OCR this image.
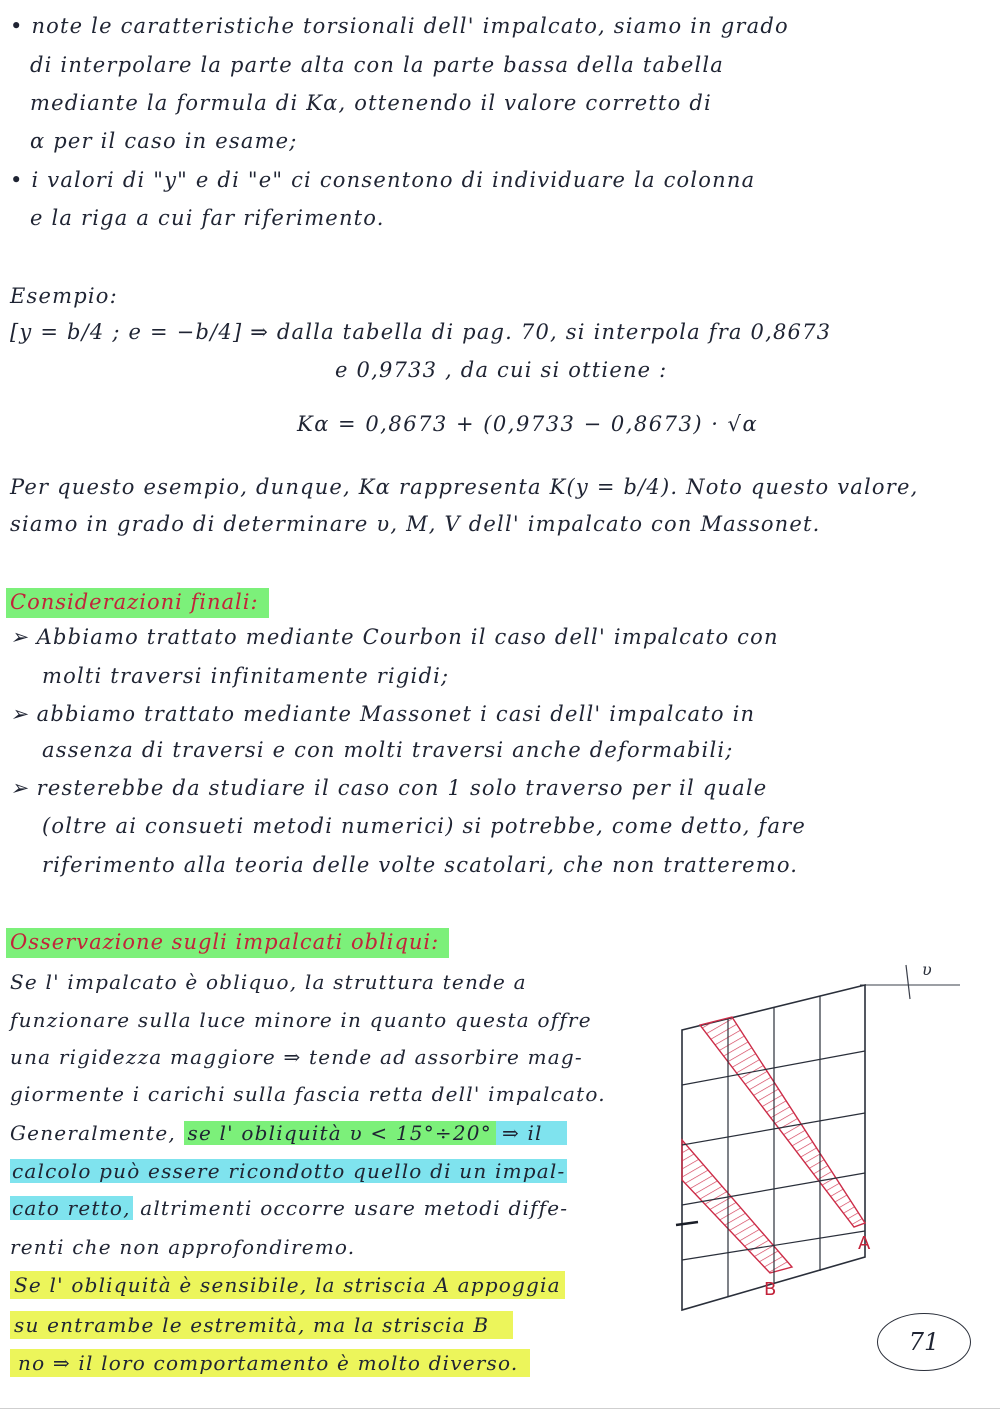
• note le caratteristiche torsionali dell' impalcato, siamo in grado
di interpolare la parte alta con la parte bassa della tabella
mediante la formula di Kα, ottenendo il valore corretto di
α per il caso in esame;
• i valori di "y" e di "e" ci consentono di individuare la colonna
e la riga a cui far riferimento.
Esempio:
[y = b/4 ; e = −b/4] ⇒ dalla tabella di pag. 70, si interpola fra 0,8673
e 0,9733 , da cui si ottiene :
Kα = 0,8673 + (0,9733 − 0,8673) · √α
Per questo esempio, dunque, Kα rappresenta K(y = b/4). Noto questo valore,
siamo in grado di determinare υ, M, V dell' impalcato con Massonet.
Considerazioni finali:
➢ Abbiamo trattato mediante Courbon il caso dell' impalcato con
molti traversi infinitamente rigidi;
➢ abbiamo trattato mediante Massonet i casi dell' impalcato in
assenza di traversi e con molti traversi anche deformabili;
➢ resterebbe da studiare il caso con 1 solo traverso per il quale
(oltre ai consueti metodi numerici) si potrebbe, come detto, fare
riferimento alla teoria delle volte scatolari, che non tratteremo.
Osservazione sugli impalcati obliqui:
Se l' impalcato è obliquo, la struttura tende a
funzionare sulla luce minore in quanto questa offre
una rigidezza maggiore ⇒ tende ad assorbire mag-
giormente i carichi sulla fascia retta dell' impalcato.
Generalmente, se l' obliquità υ < 15°÷20° ⇒ il
calcolo può essere ricondotto quello di un impal-
cato retto, altrimenti occorre usare metodi diffe-
renti che non approfondiremo.
Se l' obliquità è sensibile, la striscia A appoggia
su entrambe le estremità, ma la striscia B
no ⇒ il loro comportamento è molto diverso.
υ
A
B
71
